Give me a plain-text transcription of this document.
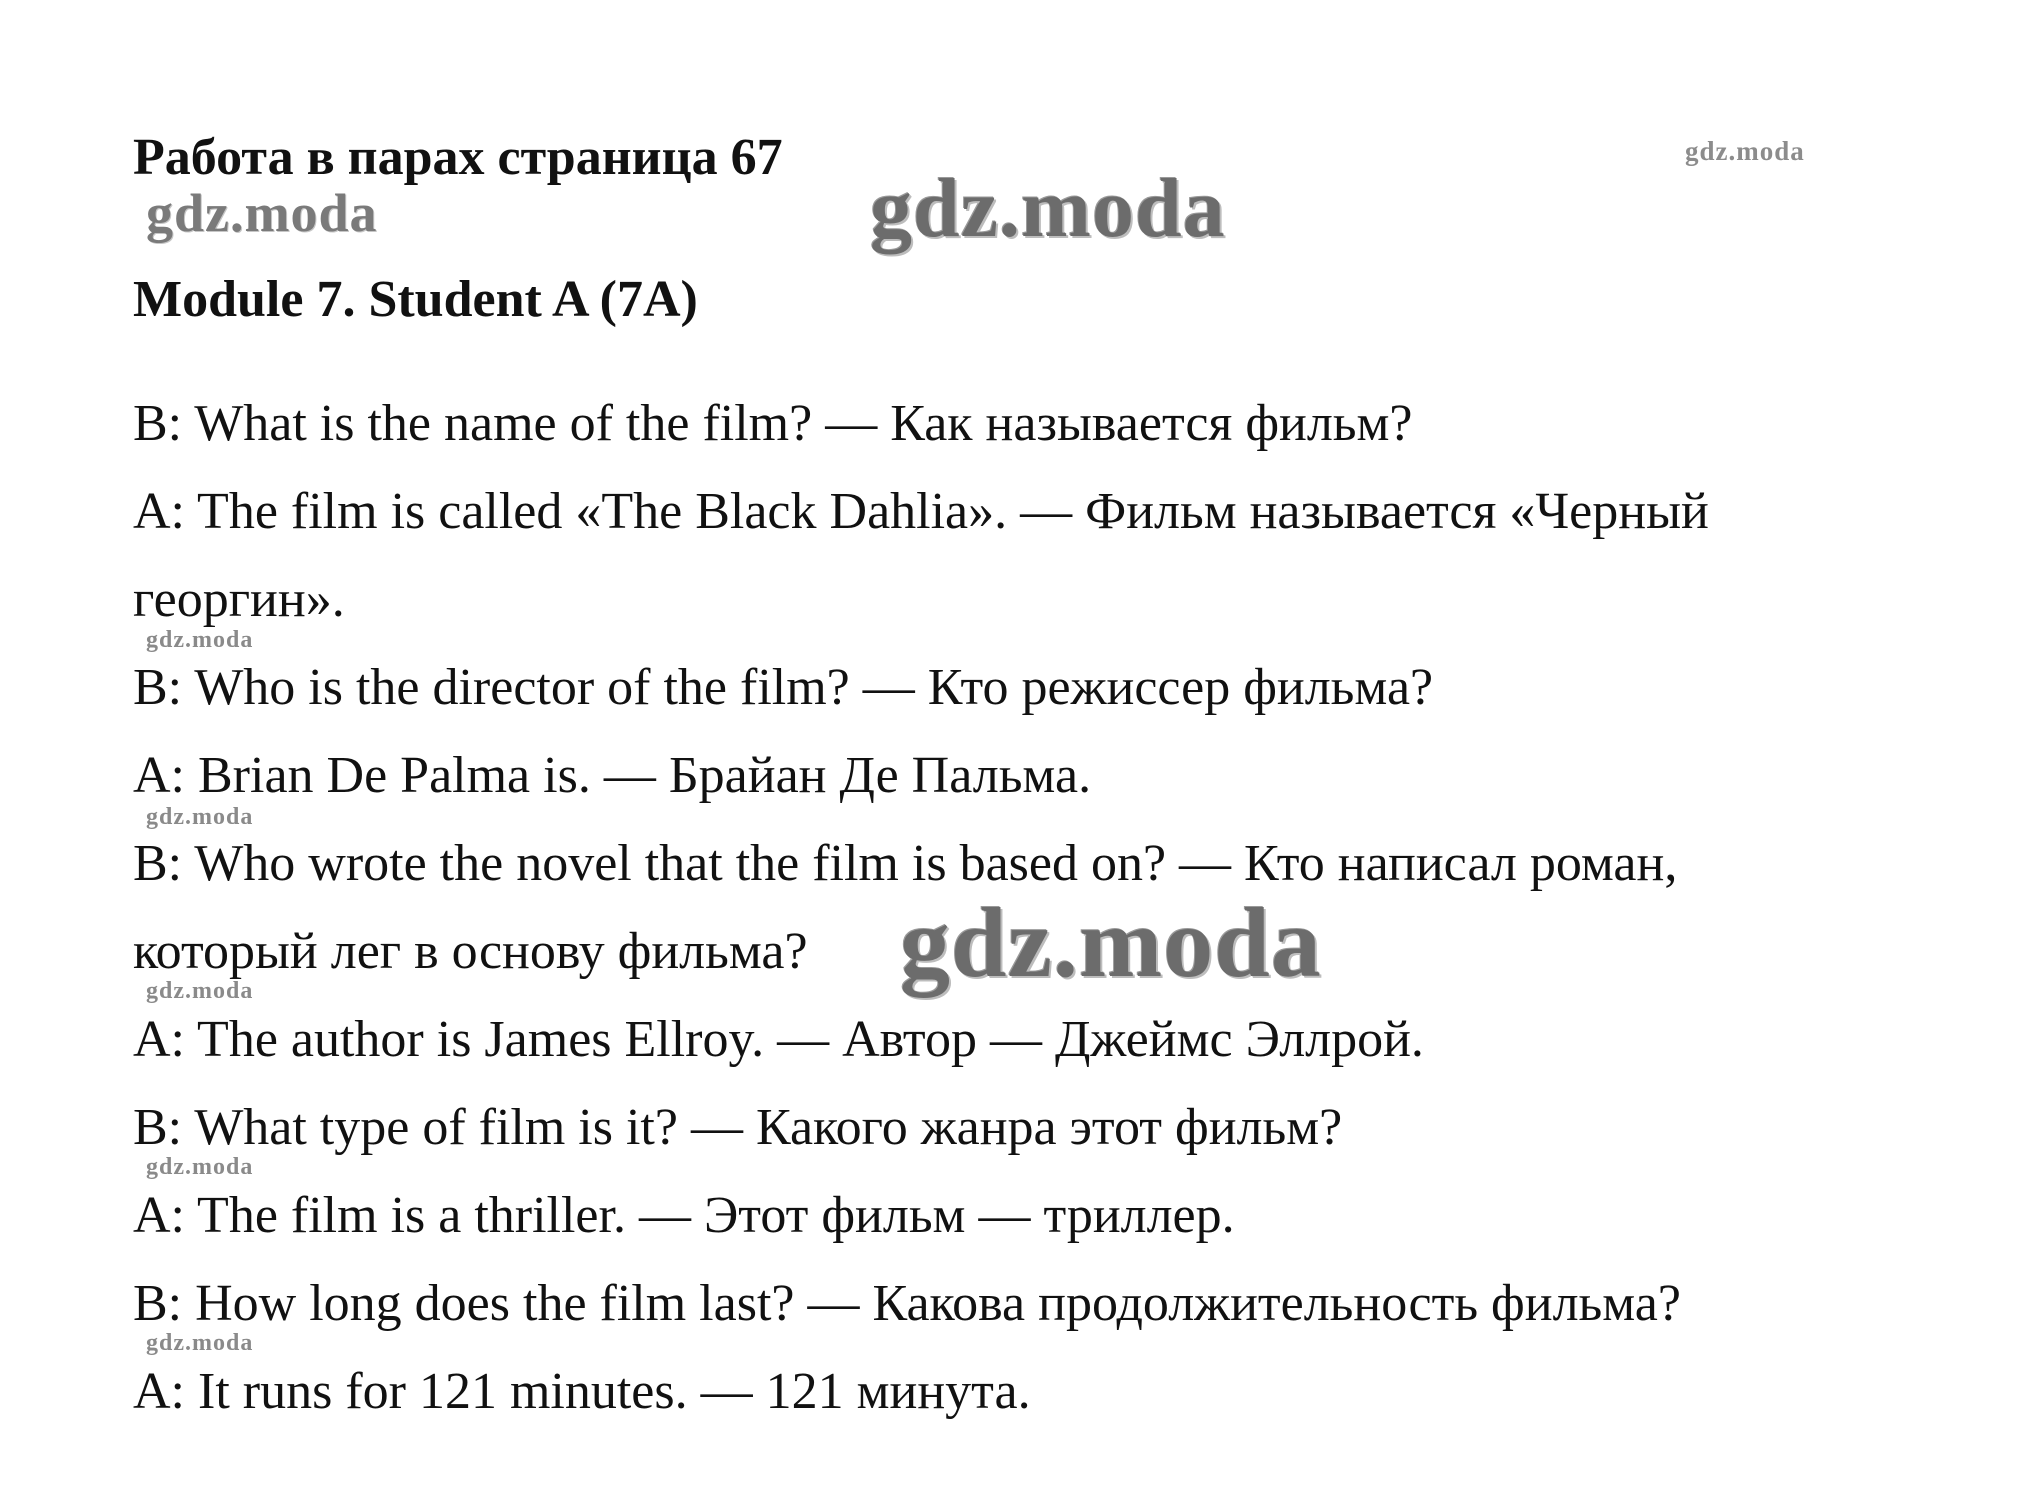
Работа в парах страница 67
Module 7. Student A (7A)
B: What is the name of the film? — Как называется фильм?
A: The film is called «The Black Dahlia». — Фильм называется «Черный
георгин».
B: Who is the director of the film? — Кто режиссер фильма?
A: Brian De Palma is. — Брайан Де Пальма.
B: Who wrote the novel that the film is based on? — Кто написал роман,
который лег в основу фильма?
A: The author is James Ellroy. — Автор — Джеймс Эллрой.
B: What type of film is it? — Какого жанра этот фильм?
A: The film is a thriller. — Этот фильм — триллер.
B: How long does the film last? — Какова продолжительность фильма?
A: It runs for 121 minutes. — 121 минута.
gdz.moda	gdz.moda
gdz.moda
gdz.moda
gdz.moda
gdz.moda
gdz.moda
gdz.moda
gdz.moda
